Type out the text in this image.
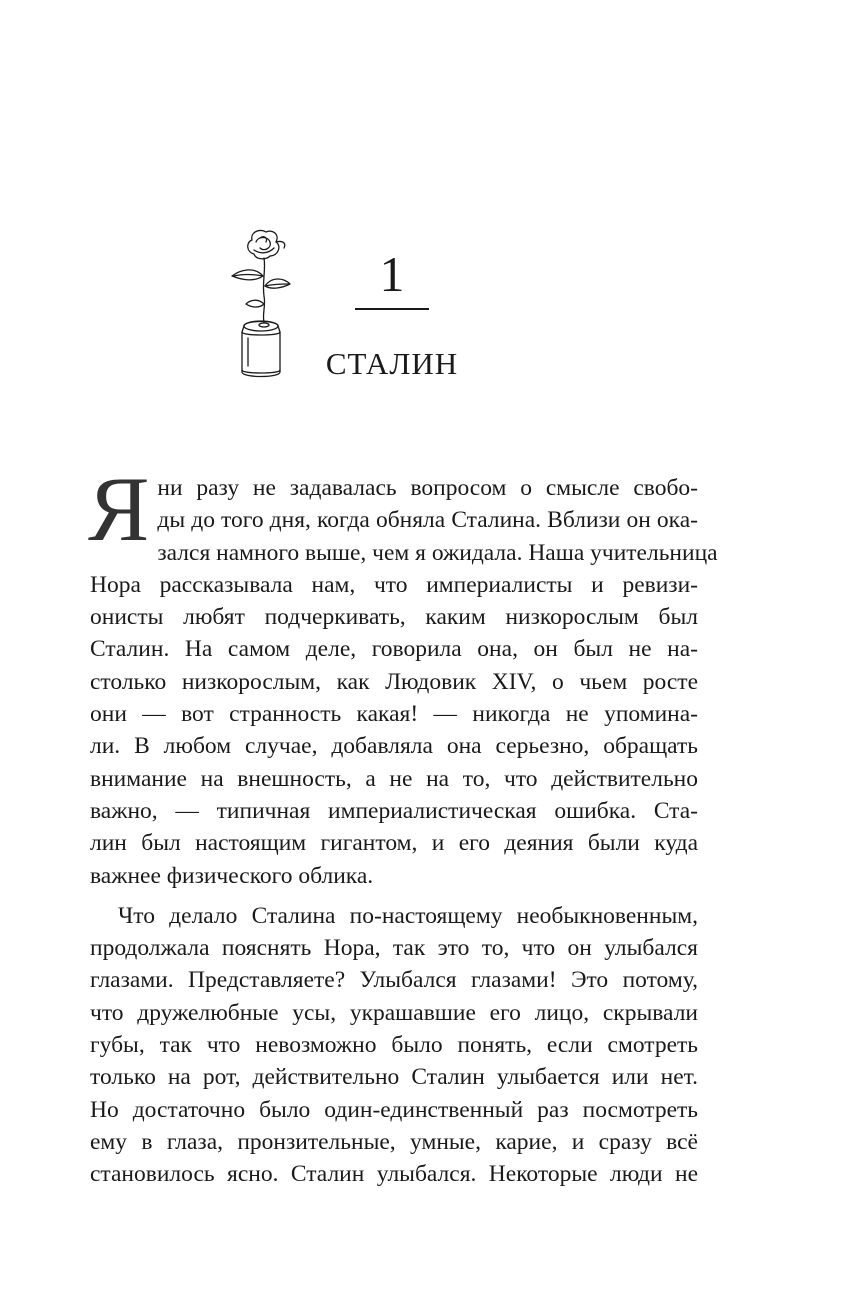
1
СТАЛИН

Я ни разу не задавалась вопросом о смысле свобо-
ды до того дня, когда обняла Сталина. Вблизи он ока-
зался намного выше, чем я ожидала. Наша учительница
Нора рассказывала нам, что империалисты и ревизи-
онисты любят подчеркивать, каким низкорослым был
Сталин. На самом деле, говорила она, он был не на-
столько низкорослым, как Людовик XIV, о чьем росте
они — вот странность какая! — никогда не упомина-
ли. В любом случае, добавляла она серьезно, обращать
внимание на внешность, а не на то, что действительно
важно, — типичная империалистическая ошибка. Ста-
лин был настоящим гигантом, и его деяния были куда
важнее физического облика.

Что делало Сталина по-настоящему необыкновенным,
продолжала пояснять Нора, так это то, что он улыбался
глазами. Представляете? Улыбался глазами! Это потому,
что дружелюбные усы, украшавшие его лицо, скрывали
губы, так что невозможно было понять, если смотреть
только на рот, действительно Сталин улыбается или нет.
Но достаточно было один-единственный раз посмотреть
ему в глаза, пронзительные, умные, карие, и сразу всё
становилось ясно. Сталин улыбался. Некоторые люди не
